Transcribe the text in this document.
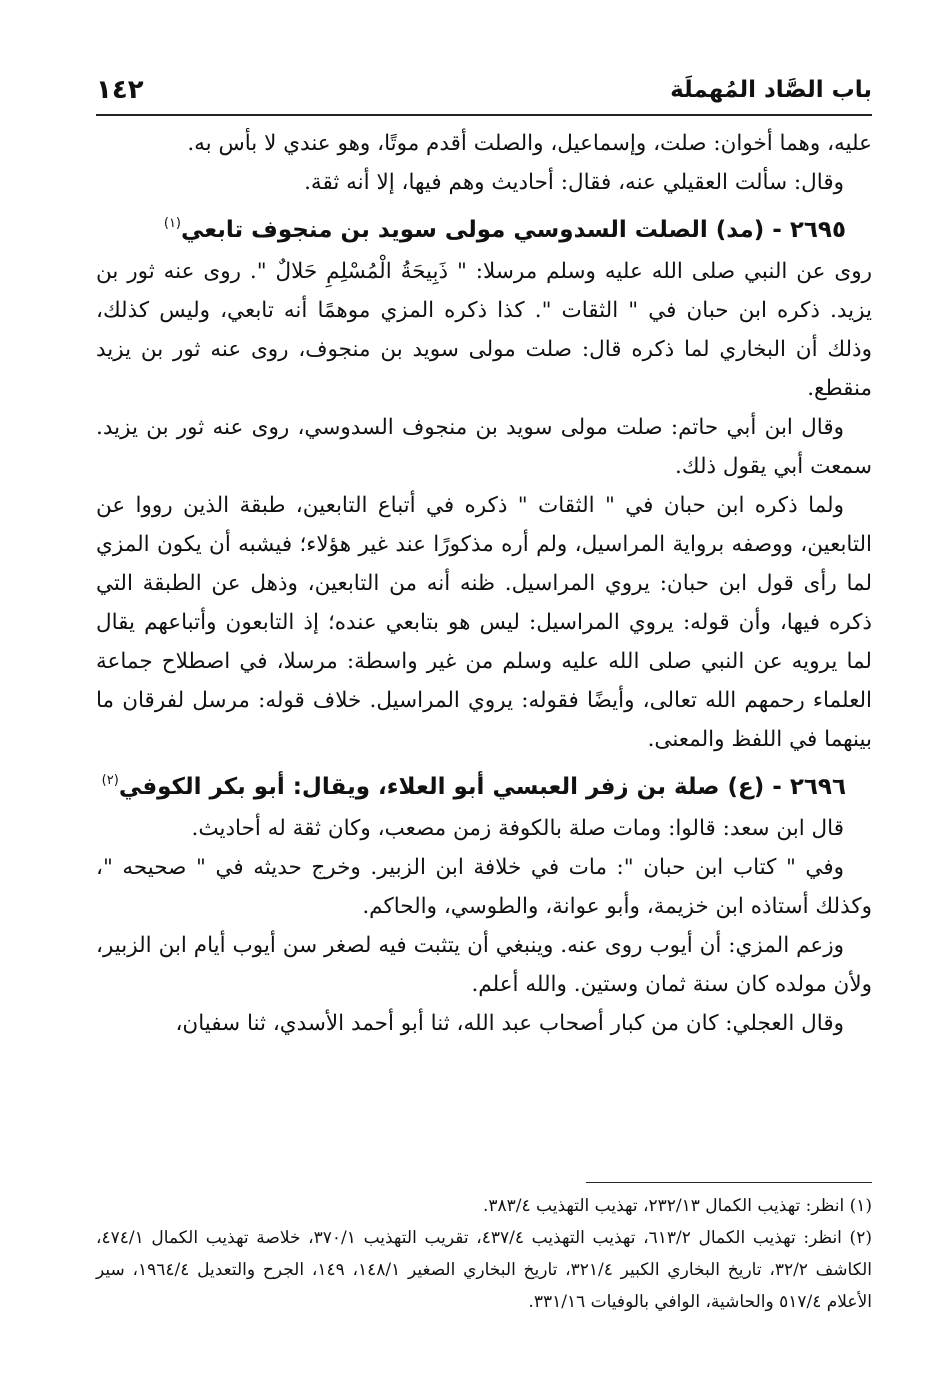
باب الصَّاد المُهملَة
١٤٢

عليه، وهما أخوان: صلت، وإسماعيل، والصلت أقدم موتًا، وهو عندي لا بأس به.

وقال: سألت العقيلي عنه، فقال: أحاديث وهم فيها، إلا أنه ثقة.

٢٦٩٥ - (مد) الصلت السدوسي مولى سويد بن منجوف تابعي$^{(١)}$

روى عن النبي صلى الله عليه وسلم مرسلا: " ذَبِيحَةُ الْمُسْلِمِ حَلالٌ ". روى عنه ثور بن يزيد. ذكره ابن حبان في " الثقات ". كذا ذكره المزي موهمًا أنه تابعي، وليس كذلك، وذلك أن البخاري لما ذكره قال: صلت مولى سويد بن منجوف، روى عنه ثور بن يزيد منقطع.

وقال ابن أبي حاتم: صلت مولى سويد بن منجوف السدوسي، روى عنه ثور بن يزيد. سمعت أبي يقول ذلك.

ولما ذكره ابن حبان في " الثقات " ذكره في أتباع التابعين، طبقة الذين رووا عن التابعين، ووصفه برواية المراسيل، ولم أره مذكورًا عند غير هؤلاء؛ فيشبه أن يكون المزي لما رأى قول ابن حبان: يروي المراسيل. ظنه أنه من التابعين، وذهل عن الطبقة التي ذكره فيها، وأن قوله: يروي المراسيل: ليس هو بتابعي عنده؛ إذ التابعون وأتباعهم يقال لما يرويه عن النبي صلى الله عليه وسلم من غير واسطة: مرسلا، في اصطلاح جماعة العلماء رحمهم الله تعالى، وأيضًا فقوله: يروي المراسيل. خلاف قوله: مرسل لفرقان ما بينهما في اللفظ والمعنى.

٢٦٩٦ - (ع) صلة بن زفر العبسي أبو العلاء، ويقال: أبو بكر الكوفي$^{(٢)}$

قال ابن سعد: قالوا: ومات صلة بالكوفة زمن مصعب، وكان ثقة له أحاديث.

وفي " كتاب ابن حبان ": مات في خلافة ابن الزبير. وخرج حديثه في " صحيحه "، وكذلك أستاذه ابن خزيمة، وأبو عوانة، والطوسي، والحاكم.

وزعم المزي: أن أيوب روى عنه. وينبغي أن يتثبت فيه لصغر سن أيوب أيام ابن الزبير، ولأن مولده كان سنة ثمان وستين. والله أعلم.

وقال العجلي: كان من كبار أصحاب عبد الله، ثنا أبو أحمد الأسدي، ثنا سفيان،

(١) انظر: تهذيب الكمال ٢٣٢/١٣، تهذيب التهذيب ٣٨٣/٤.

(٢) انظر: تهذيب الكمال ٦١٣/٢، تهذيب التهذيب ٤٣٧/٤، تقريب التهذيب ٣٧٠/١، خلاصة تهذيب الكمال ٤٧٤/١، الكاشف ٣٢/٢، تاريخ البخاري الكبير ٣٢١/٤، تاريخ البخاري الصغير ١٤٨/١، ١٤٩، الجرح والتعديل ١٩٦٤/٤، سير الأعلام ٥١٧/٤ والحاشية، الوافي بالوفيات ٣٣١/١٦.
